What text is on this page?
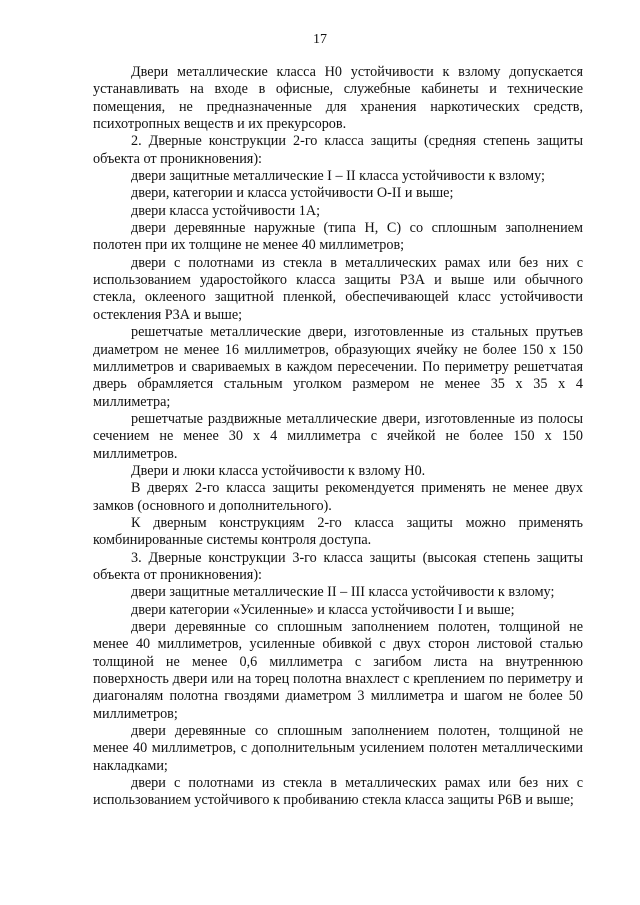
17

Двери металлические класса Н0 устойчивости к взлому допускается устанавливать на входе в офисные, служебные кабинеты и технические помещения, не предназначенные для хранения наркотических средств, психотропных веществ и их прекурсоров.

2. Дверные конструкции 2-го класса защиты (средняя степень защиты объекта от проникновения):

двери защитные металлические I – II класса устойчивости к взлому;

двери, категории и класса устойчивости О-II и выше;

двери класса устойчивости 1А;

двери деревянные наружные (типа Н, С) со сплошным заполнением полотен при их толщине не менее 40 миллиметров;

двери с полотнами из стекла в металлических рамах или без них с использованием ударостойкого класса защиты Р3А и выше или обычного стекла, оклееного защитной пленкой, обеспечивающей класс устойчивости остекления Р3А и выше;

решетчатые металлические двери, изготовленные из стальных прутьев диаметром не менее 16 миллиметров, образующих ячейку не более 150 х 150 миллиметров и свариваемых в каждом пересечении. По периметру решетчатая дверь обрамляется стальным уголком размером не менее 35 х 35 х 4 миллиметра;

решетчатые раздвижные металлические двери, изготовленные из полосы сечением не менее 30 х 4 миллиметра с ячейкой не более 150 х 150 миллиметров.

Двери и люки класса устойчивости к взлому Н0.

В дверях 2-го класса защиты рекомендуется применять не менее двух замков (основного и дополнительного).

К дверным конструкциям 2-го класса защиты можно применять комбинированные системы контроля доступа.

3. Дверные конструкции 3-го класса защиты (высокая степень защиты объекта от проникновения):

двери защитные металлические II – III класса устойчивости к взлому;

двери категории «Усиленные» и класса устойчивости I и выше;

двери деревянные со сплошным заполнением полотен, толщиной не менее 40 миллиметров, усиленные обивкой с двух сторон листовой сталью толщиной не менее 0,6 миллиметра с загибом листа на внутреннюю поверхность двери или на торец полотна внахлест с креплением по периметру и диагоналям полотна гвоздями диаметром 3 миллиметра и шагом не более 50 миллиметров;

двери деревянные со сплошным заполнением полотен, толщиной не менее 40 миллиметров, с дополнительным усилением полотен металлическими накладками;

двери с полотнами из стекла в металлических рамах или без них с использованием устойчивого к пробиванию стекла класса защиты Р6В и выше;
